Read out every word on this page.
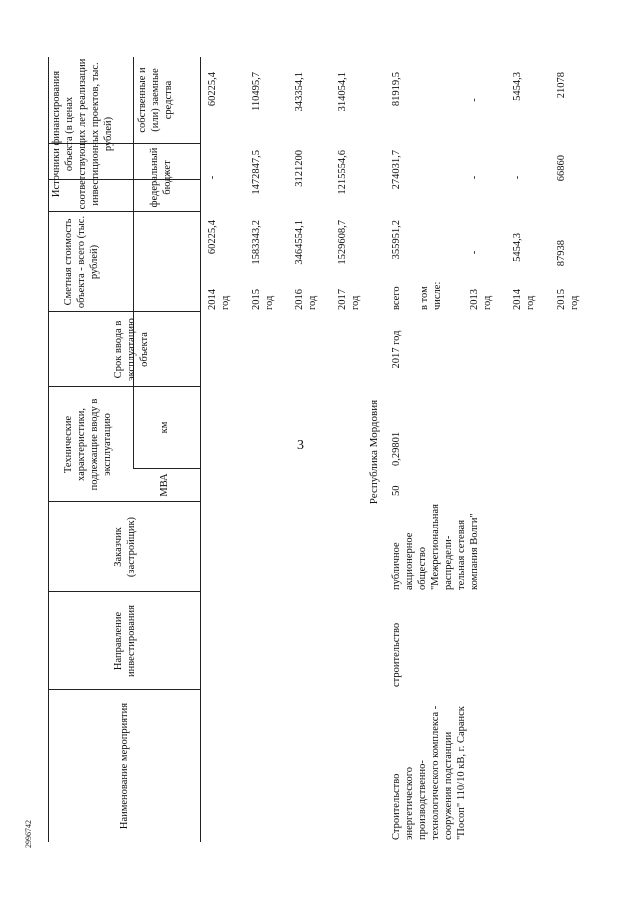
3
2996742
Наименование мероприятия
Направление инвестирования
Заказчик (застройщик)
Технические характеристики, подлежащие вводу в эксплуатацию
МВА
км
Срок ввода в эксплуатацию объекта
Сметная стоимость объекта - всего (тыс. рублей)
Источники финансирования объекта (в ценах соответствующих лет реализации инвестиционных проектов, тыс. рублей)
федеральный бюджет
собственные и (или) заемные средства
2014 год
60225,4
-
60225,4
2015 год
1583343,2
1472847,5
110495,7
2016 год
3464554,1
3121200
343354,1
2017 год
1529608,7
1215554,6
314054,1
Республика Мордовия
Строительство энергетического производственно-технологического комплекса - сооружения подстанции "Посоп" 110/10 кВ, г. Саранск
строительство
публичное акционерное общество "Межрегиональная распредели-тельная сетевая компания Волги"
50
0,29801
2017 год
всего
355951,2
274031,7
81919,5
в том числе: 2013 год
-
-
-
2014 год
5454,3
-
5454,3
2015 год
87938
66860
21078
